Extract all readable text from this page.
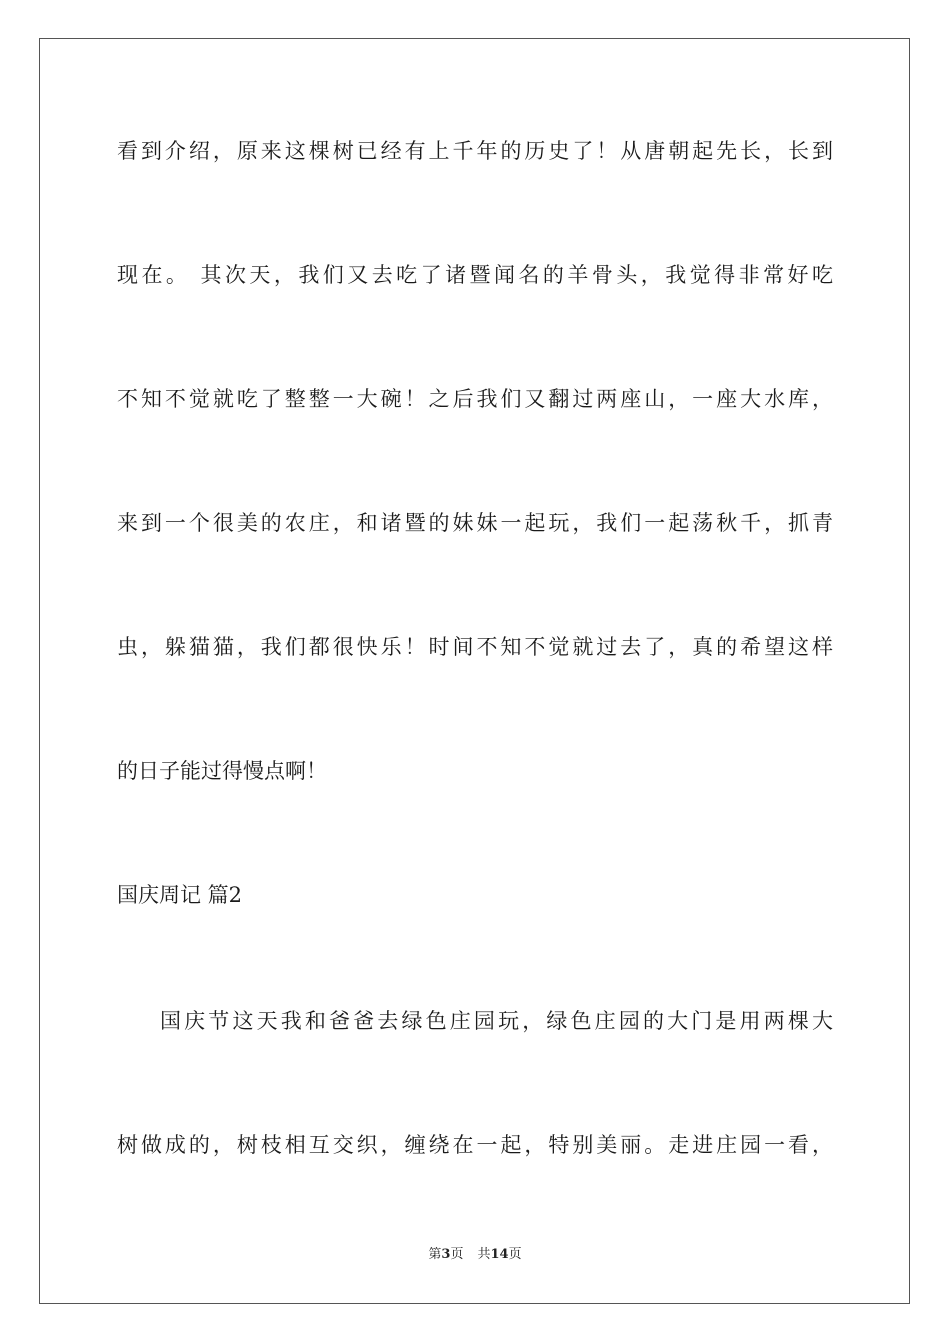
看到介绍，原来这棵树已经有上千年的历史了！从唐朝起先长，长到
现在。 其次天，我们又去吃了诸暨闻名的羊骨头，我觉得非常好吃
不知不觉就吃了整整一大碗！之后我们又翻过两座山，一座大水库，
来到一个很美的农庄，和诸暨的妹妹一起玩，我们一起荡秋千，抓青
虫，躲猫猫，我们都很快乐！时间不知不觉就过去了，真的希望这样
的日子能过得慢点啊！
国庆周记 篇2
国庆节这天我和爸爸去绿色庄园玩，绿色庄园的大门是用两棵大
树做成的，树枝相互交织，缠绕在一起，特别美丽。走进庄园一看，
第3页 共14页
